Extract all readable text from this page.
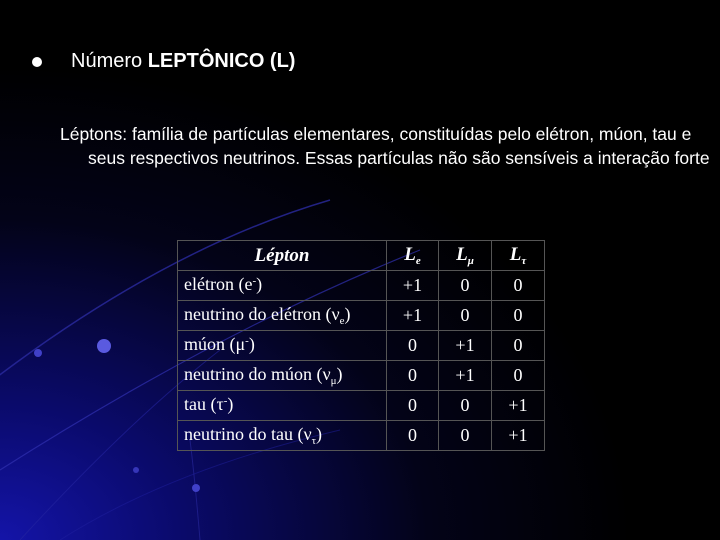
Número LEPTÔNICO (L)

Léptons: família de partículas elementares, constituídas pelo elétron, múon, tau e seus respectivos neutrinos. Essas partículas não são sensíveis a interação forte

Lépton	$L_e$	$L_\mu$	$L_\tau$
elétron (e-)	+1	0	0
neutrino do elétron $(\nu_e)$	+1	0	0
múon (μ-)	0	+1	0
neutrino do múon $(\nu_\mu)$	0	+1	0
tau (τ-)	0	0	+1
neutrino do tau $(\nu_\tau)$	0	0	+1
